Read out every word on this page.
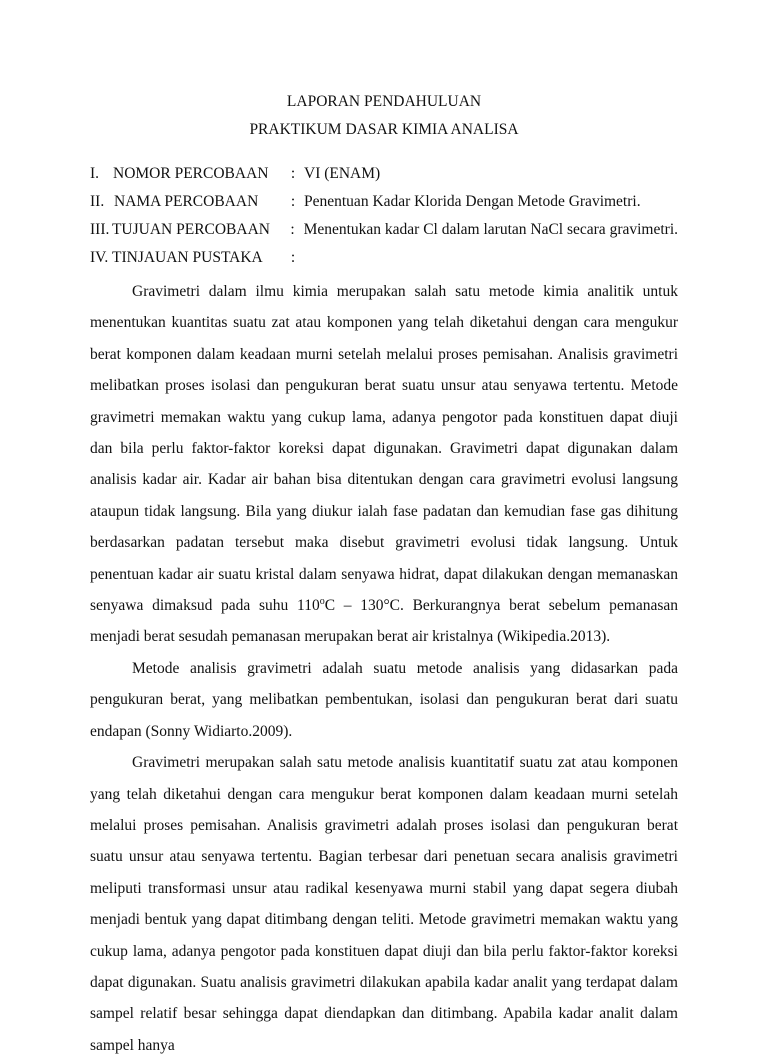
LAPORAN PENDAHULUAN

PRAKTIKUM DASAR KIMIA ANALISA

I. NOMOR PERCOBAAN	: VI (ENAM)
II. NAMA PERCOBAAN	: Penentuan Kadar Klorida Dengan Metode Gravimetri.
III. TUJUAN PERCOBAAN	: Menentukan kadar Cl dalam larutan NaCl secara gravimetri.
IV. TINJAUAN PUSTAKA	:

Gravimetri dalam ilmu kimia merupakan salah satu metode kimia analitik untuk menentukan kuantitas suatu zat atau komponen yang telah diketahui dengan cara mengukur berat komponen dalam keadaan murni setelah melalui proses pemisahan. Analisis gravimetri melibatkan proses isolasi dan pengukuran berat suatu unsur atau senyawa tertentu. Metode gravimetri memakan waktu yang cukup lama, adanya pengotor pada konstituen dapat diuji dan bila perlu faktor-faktor koreksi dapat digunakan. Gravimetri dapat digunakan dalam analisis kadar air. Kadar air bahan bisa ditentukan dengan cara gravimetri evolusi langsung ataupun tidak langsung. Bila yang diukur ialah fase padatan dan kemudian fase gas dihitung berdasarkan padatan tersebut maka disebut gravimetri evolusi tidak langsung. Untuk penentuan kadar air suatu kristal dalam senyawa hidrat, dapat dilakukan dengan memanaskan senyawa dimaksud pada suhu 110$^o$C – 130°C. Berkurangnya berat sebelum pemanasan menjadi berat sesudah pemanasan merupakan berat air kristalnya (Wikipedia.2013).

Metode analisis gravimetri adalah suatu metode analisis yang didasarkan pada pengukuran berat, yang melibatkan pembentukan, isolasi dan pengukuran berat dari suatu endapan (Sonny Widiarto.2009).

Gravimetri merupakan salah satu metode analisis kuantitatif suatu zat atau komponen yang telah diketahui dengan cara mengukur berat komponen dalam keadaan murni setelah melalui proses pemisahan. Analisis gravimetri adalah proses isolasi dan pengukuran berat suatu unsur atau senyawa tertentu. Bagian terbesar dari penetuan secara analisis gravimetri meliputi transformasi unsur atau radikal kesenyawa murni stabil yang dapat segera diubah menjadi bentuk yang dapat ditimbang dengan teliti. Metode gravimetri memakan waktu yang cukup lama, adanya pengotor pada konstituen dapat diuji dan bila perlu faktor-faktor koreksi dapat digunakan. Suatu analisis gravimetri dilakukan apabila kadar analit yang terdapat dalam sampel relatif besar sehingga dapat diendapkan dan ditimbang. Apabila kadar analit dalam sampel hanya
